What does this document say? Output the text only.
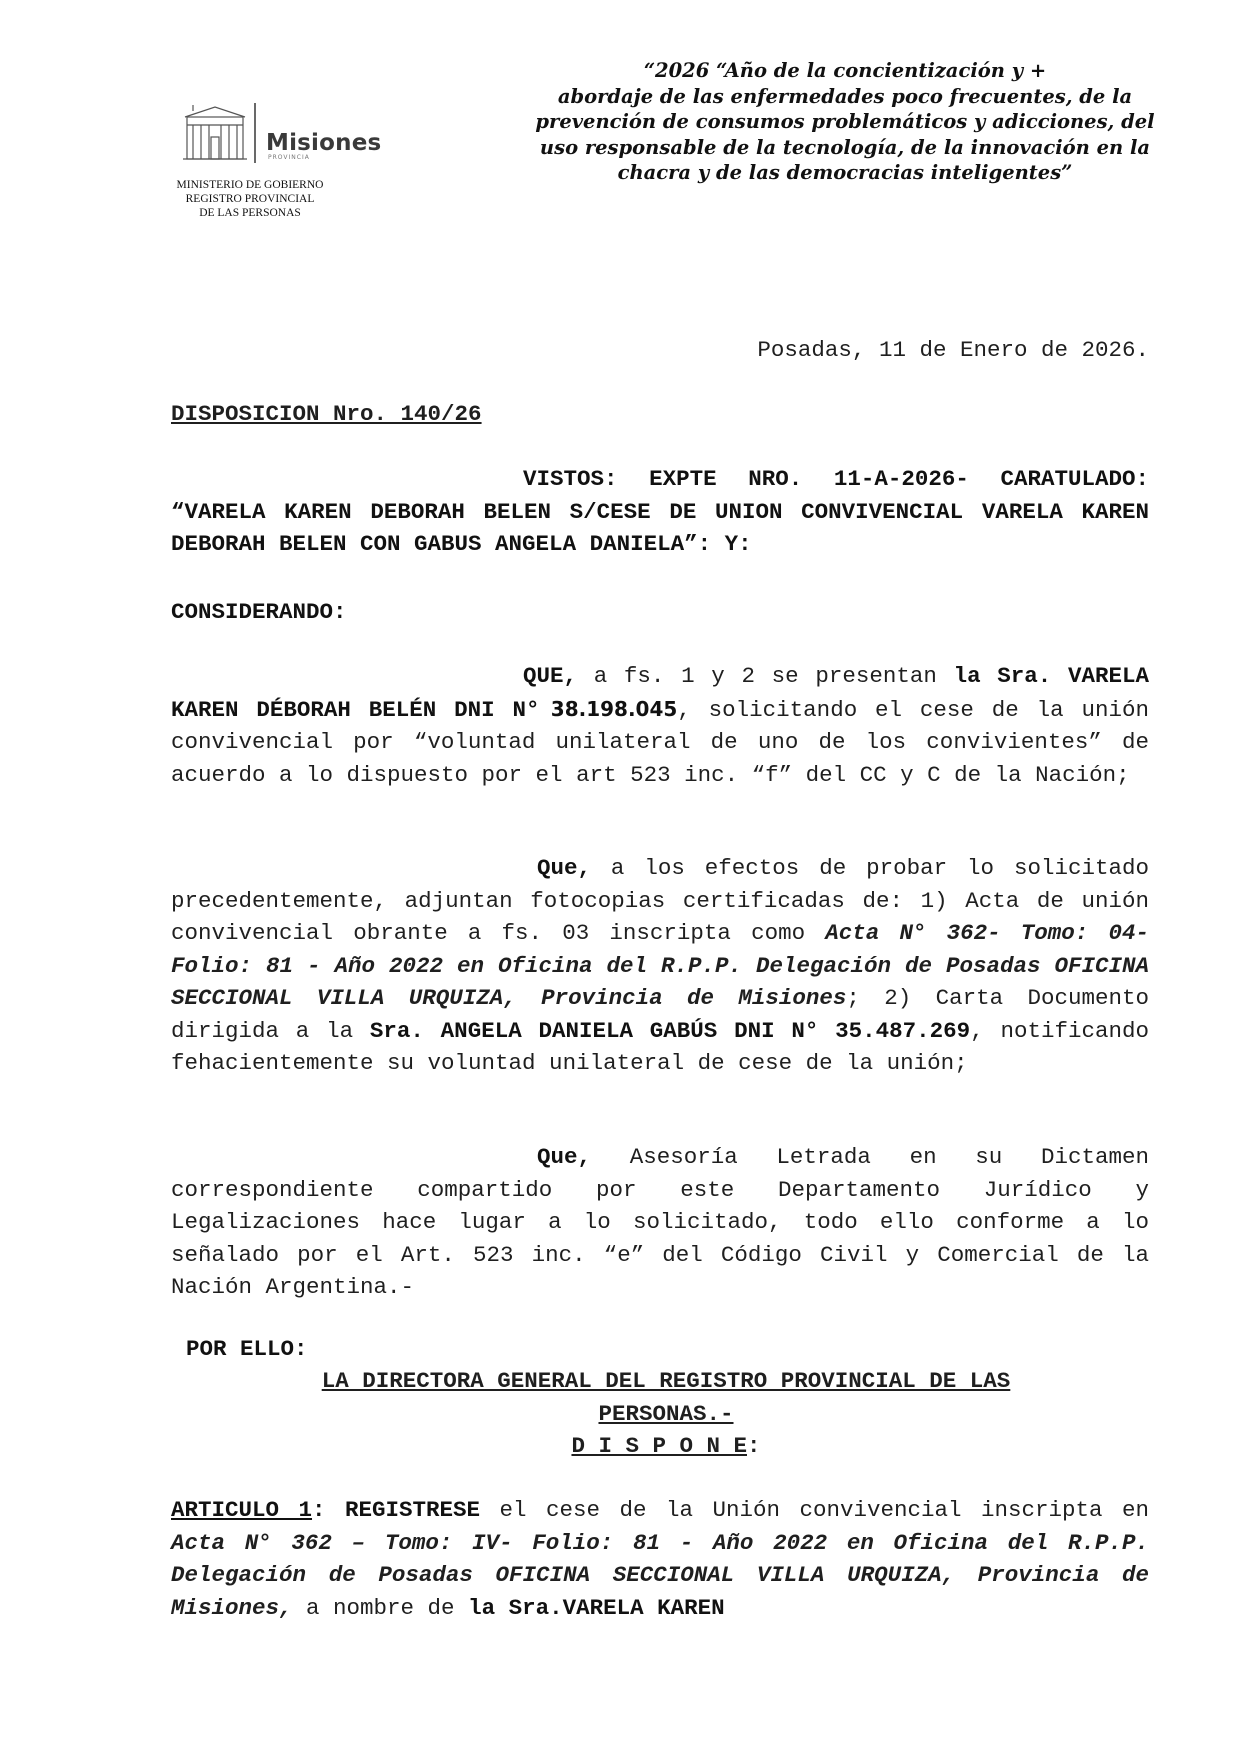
Misiones
PROVINCIA
MINISTERIO DE GOBIERNO
REGISTRO PROVINCIAL
DE LAS PERSONAS
“2026 “Año de la concientización y +
abordaje de las enfermedades poco frecuentes, de la
prevención de consumos problemáticos y adicciones, del
uso responsable de la tecnología, de la innovación en la
chacra y de las democracias inteligentes”
Posadas, 11 de Enero de 2026.
DISPOSICION Nro. 140/26
VISTOS: EXPTE NRO. 11-A-2026- CARATULADO: “VARELA KAREN DEBORAH BELEN S/CESE DE UNION CONVIVENCIAL VARELA KAREN DEBORAH BELEN CON GABUS ANGELA DANIELA”: Y:
CONSIDERANDO:
QUE, a fs. 1 y 2 se presentan la Sra. VARELA KAREN DÉBORAH BELÉN DNI N° 38.198.045, solicitando el cese de la unión convivencial por “voluntad unilateral de uno de los convivientes” de acuerdo a lo dispuesto por el art 523 inc. “f” del CC y C de la Nación;
Que, a los efectos de probar lo solicitado precedentemente, adjuntan fotocopias certificadas de: 1) Acta de unión convivencial obrante a fs. 03 inscripta como Acta N° 362- Tomo: 04- Folio: 81 - Año 2022 en Oficina del R.P.P. Delegación de Posadas OFICINA SECCIONAL VILLA URQUIZA, Provincia de Misiones; 2) Carta Documento dirigida a la Sra. ANGELA DANIELA GABÚS DNI N° 35.487.269, notificando fehacientemente su voluntad unilateral de cese de la unión;
Que, Asesoría Letrada en su Dictamen correspondiente compartido por este Departamento Jurídico y Legalizaciones hace lugar a lo solicitado, todo ello conforme a lo señalado por el Art. 523 inc. “e” del Código Civil y Comercial de la Nación Argentina.-
POR ELLO:
LA DIRECTORA GENERAL DEL REGISTRO PROVINCIAL DE LAS
PERSONAS.-
D I S P O N E:
ARTICULO 1: REGISTRESE el cese de la Unión convivencial inscripta en Acta N° 362 – Tomo: IV- Folio: 81 - Año 2022 en Oficina del R.P.P. Delegación de Posadas OFICINA SECCIONAL VILLA URQUIZA, Provincia de Misiones, a nombre de la Sra.VARELA KAREN
